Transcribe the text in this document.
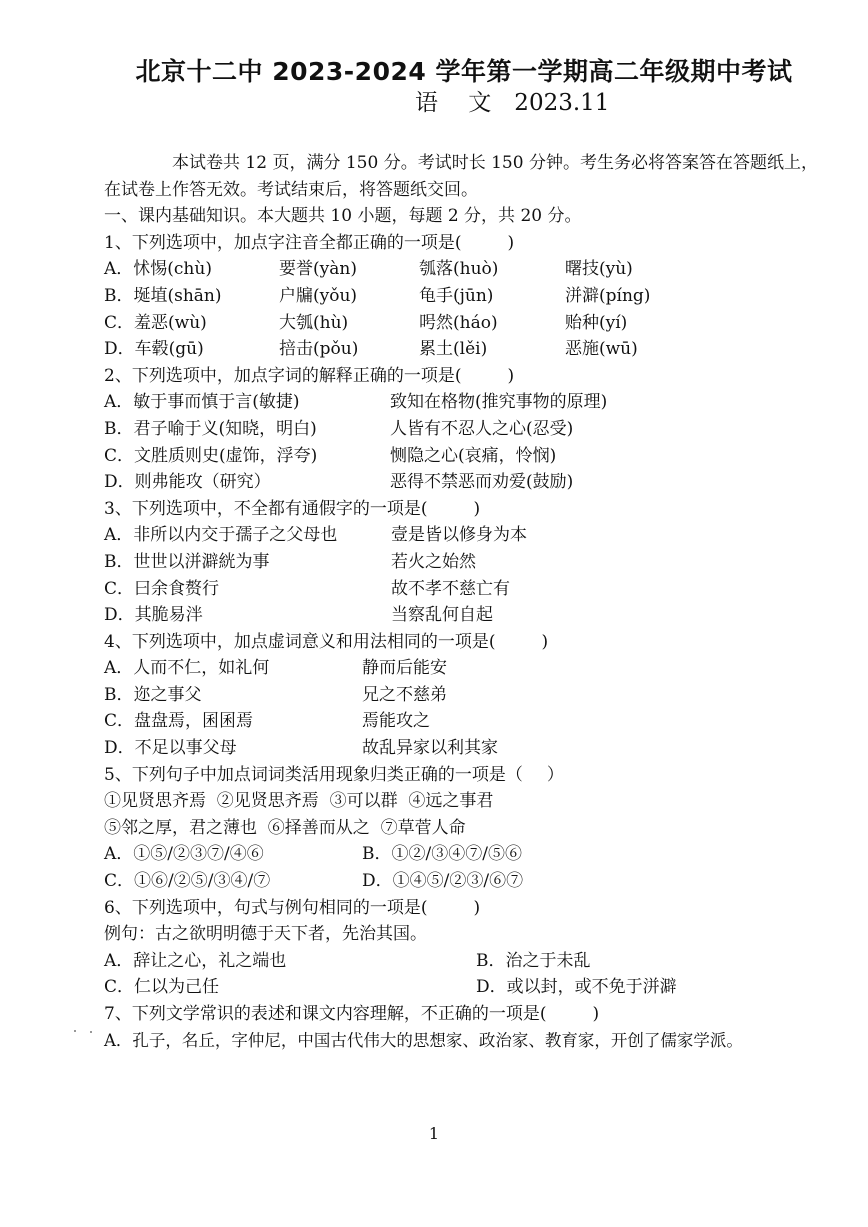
北京十二中 2023-2024 学年第一学期高二年级期中考试
语　 文　2023.11
本试卷共 12 页，满分 150 分。考试时长 150 分钟。考生务必将答案答在答题纸上，
在试卷上作答无效。考试结束后，将答题纸交回。
一、课内基础知识。本大题共 10 小题，每题 2 分，共 20 分。
1、下列选项中，加点字注音全都正确的一项是(	)
A．怵惕(chù)	要誉(yàn)	瓠落(huò)	曙技(yù)
B．埏埴(shān)	户牖(yǒu)	龟手(jūn)	洴澼(píng)
C．羞恶(wù)	大瓠(hù)	呺然(háo)	贻种(yí)
D．车毂(gū)	掊击(pǒu)	累土(lěi)	恶施(wū)
2、下列选项中，加点字词的解释正确的一项是(	)
A．敏于事而慎于言(敏捷)	致知在格物(推究事物的原理)
B．君子喻于义(知晓，明白)	人皆有不忍人之心(忍受)
C．文胜质则史(虚饰，浮夸)	恻隐之心(哀痛，怜悯)
D．则弗能攻（研究）	恶得不禁恶而劝爱(鼓励)
3、下列选项中，不全都有通假字的一项是(	)
A．非所以内交于孺子之父母也	壹是皆以修身为本
B．世世以洴澼絖为事	若火之始然
C．曰余食赘行	故不孝不慈亡有
D．其脆易泮	当察乱何自起
4、下列选项中，加点虚词意义和用法相同的一项是(	)
A．人而不仁，如礼何	静而后能安
B．迩之事父	兄之不慈弟
C．盘盘焉，囷囷焉	焉能攻之
D．不足以事父母	故乱异家以利其家
5、下列句子中加点词词类活用现象归类正确的一项是（ ）
①见贤思齐焉  ②见贤思齐焉  ③可以群  ④远之事君
⑤邻之厚，君之薄也  ⑥择善而从之  ⑦草菅人命
A．①⑤/②③⑦/④⑥	B．①②/③④⑦/⑤⑥
C．①⑥/②⑤/③④/⑦	D．①④⑤/②③/⑥⑦
6、下列选项中，句式与例句相同的一项是(	)
例句：古之欲明明德于天下者，先治其国。
A．辞让之心，礼之端也	B．治之于未乱
C．仁以为己任	D．或以封，或不免于洴澼
7、下列文学常识的表述和课文内容理解，不正确的一项是(	)
A．孔子，名丘，字仲尼，中国古代伟大的思想家、政治家、教育家，开创了儒家学派。
1
